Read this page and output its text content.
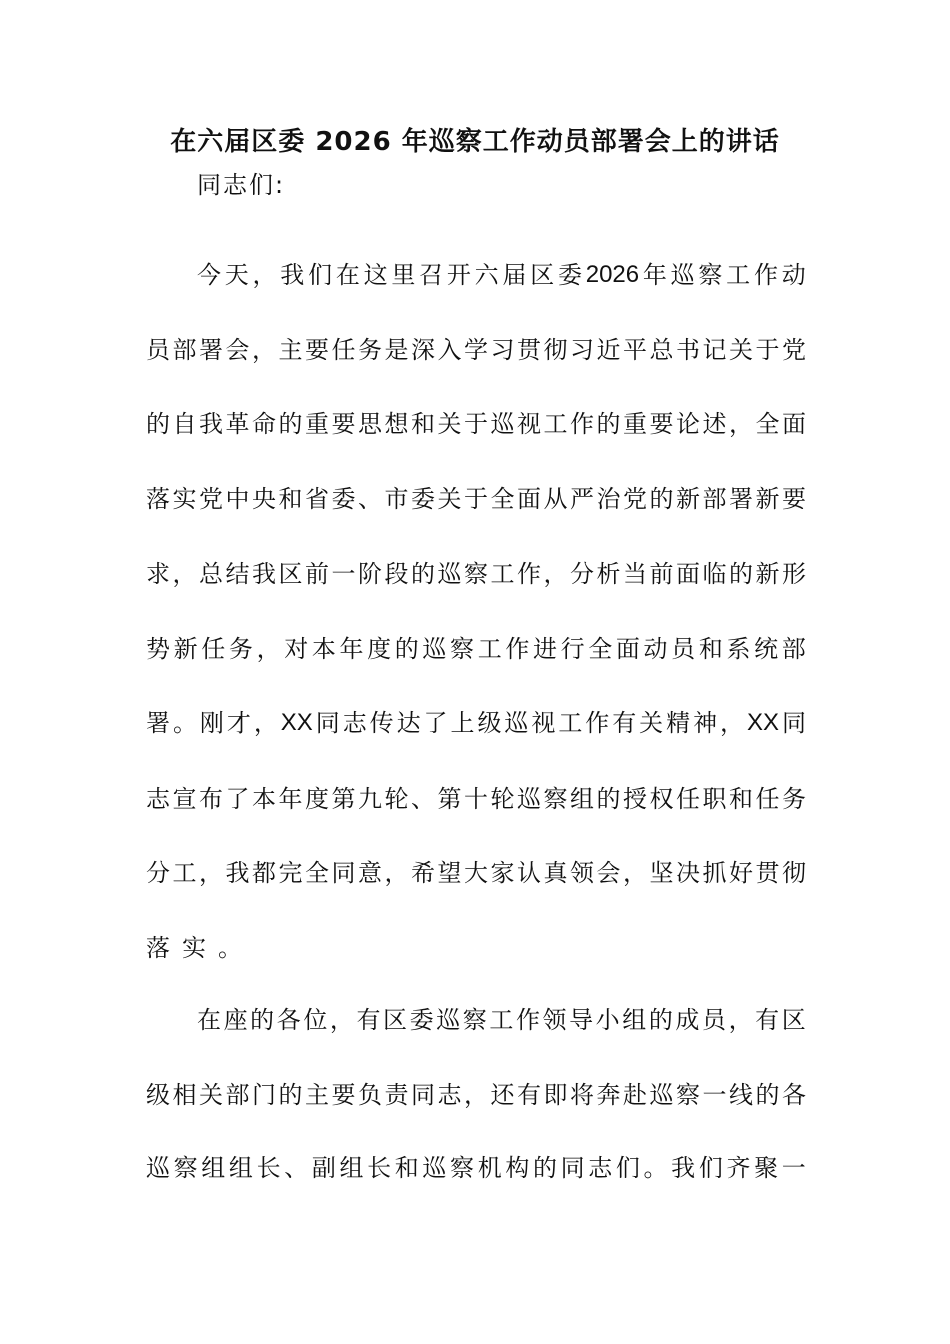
在六届区委 2026 年巡察工作动员部署会上的讲话
同志们:
今 天 ， 我 们 在 这 里 召 开 六 届 区 委 2026 年 巡 察 工 作 动
员 部 署 会 ， 主 要 任 务 是 深 入 学 习 贯 彻 习 近 平 总 书 记 关 于 党
的 自 我 革 命 的 重 要 思 想 和 关 于 巡 视 工 作 的 重 要 论 述 ， 全 面
落 实 党 中 央 和 省 委 、 市 委 关 于 全 面 从 严 治 党 的 新 部 署 新 要
求 ， 总 结 我 区 前 一 阶 段 的 巡 察 工 作 ， 分 析 当 前 面 临 的 新 形
势 新 任 务 ， 对 本 年 度 的 巡 察 工 作 进 行 全 面 动 员 和 系 统 部
署 。 刚 才 ， XX 同 志 传 达 了 上 级 巡 视 工 作 有 关 精 神 ， XX 同
志 宣 布 了 本 年 度 第 九 轮 、 第 十 轮 巡 察 组 的 授 权 任 职 和 任 务
分 工 ， 我 都 完 全 同 意 ， 希 望 大 家 认 真 领 会 ， 坚 决 抓 好 贯 彻
落实。
在 座 的 各 位 ， 有 区 委 巡 察 工 作 领 导 小 组 的 成 员 ， 有 区
级 相 关 部 门 的 主 要 负 责 同 志 ， 还 有 即 将 奔 赴 巡 察 一 线 的 各
巡 察 组 组 长 、 副 组 长 和 巡 察 机 构 的 同 志 们 。 我 们 齐 聚 一
